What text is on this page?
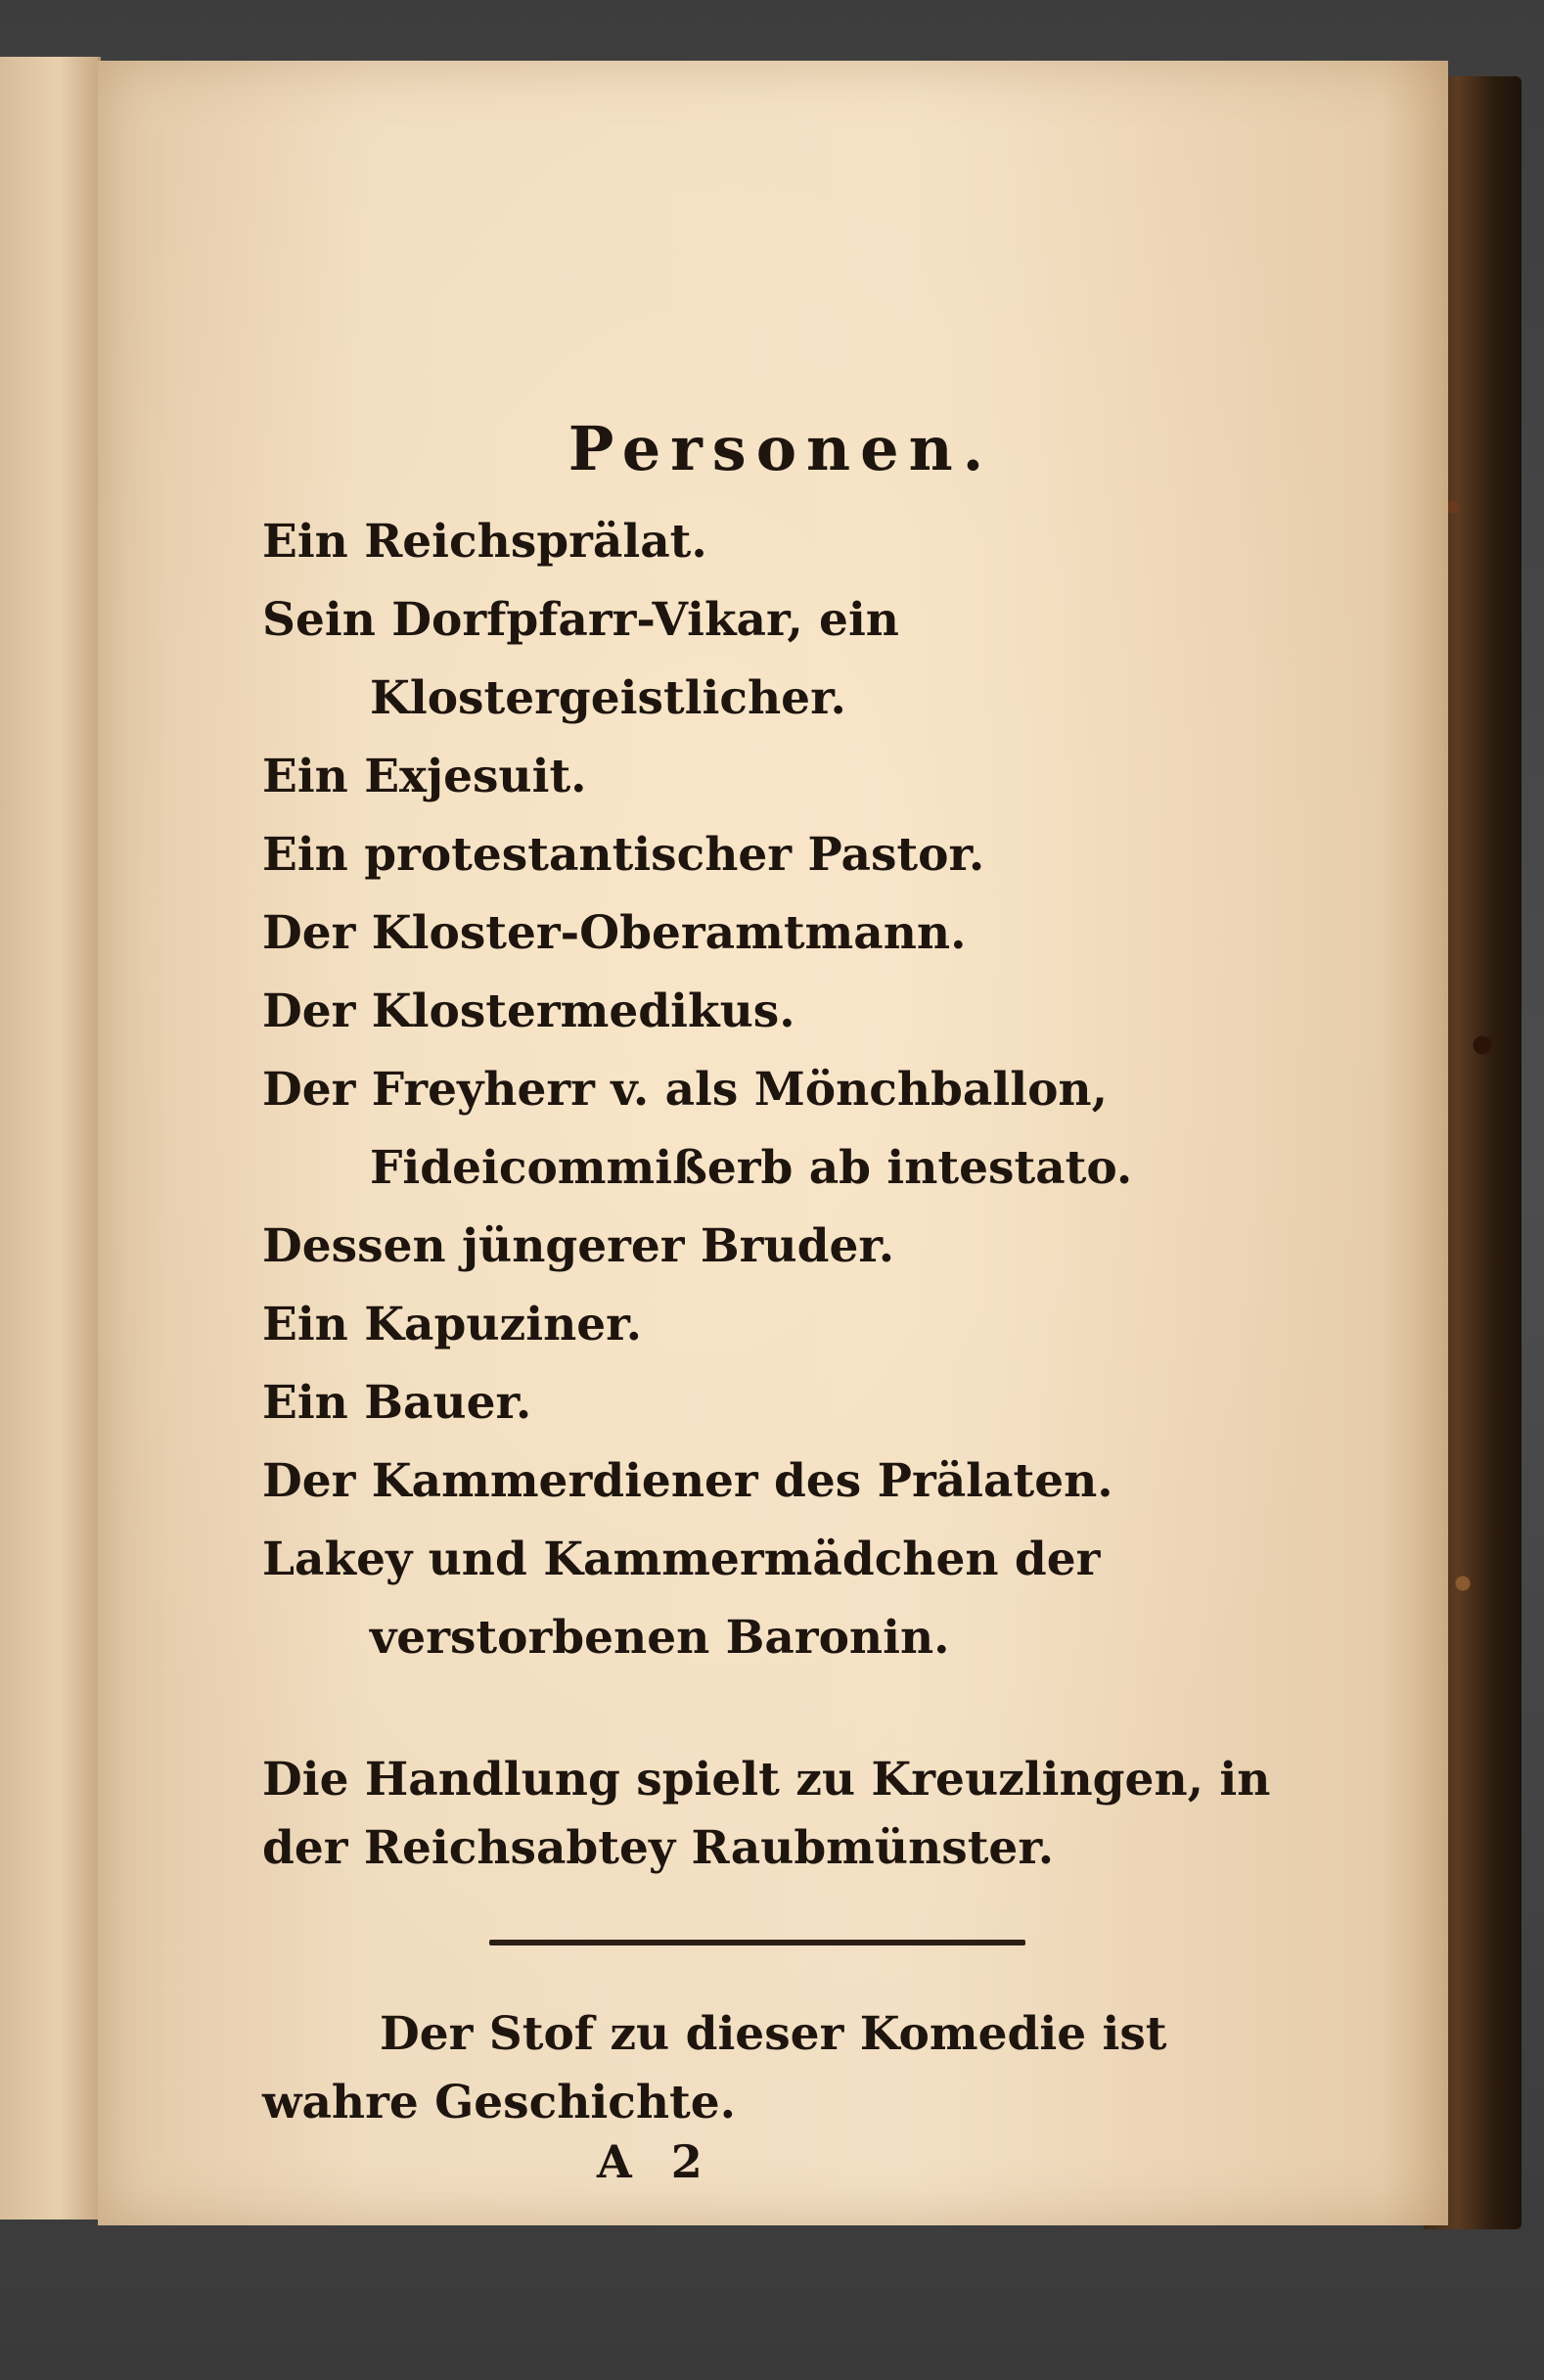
Personen.
Ein Reichsprälat.
Sein Dorfpfarr-Vikar, ein Klostergeistlicher.
Ein Exjesuit.
Ein protestantischer Pastor.
Der Kloster-Oberamtmann.
Der Klostermedikus.
Der Freyherr v. als Mönchballon, Fideicommißerb ab intestato.
Dessen jüngerer Bruder.
Ein Kapuziner.
Ein Bauer.
Der Kammerdiener des Prälaten.
Lakey und Kammermädchen der verstorbenen Baronin.
Die Handlung spielt zu Kreuzlingen, in der Reichsabtey Raubmünster.
Der Stof zu dieser Komedie ist wahre Geschichte.
A 2
